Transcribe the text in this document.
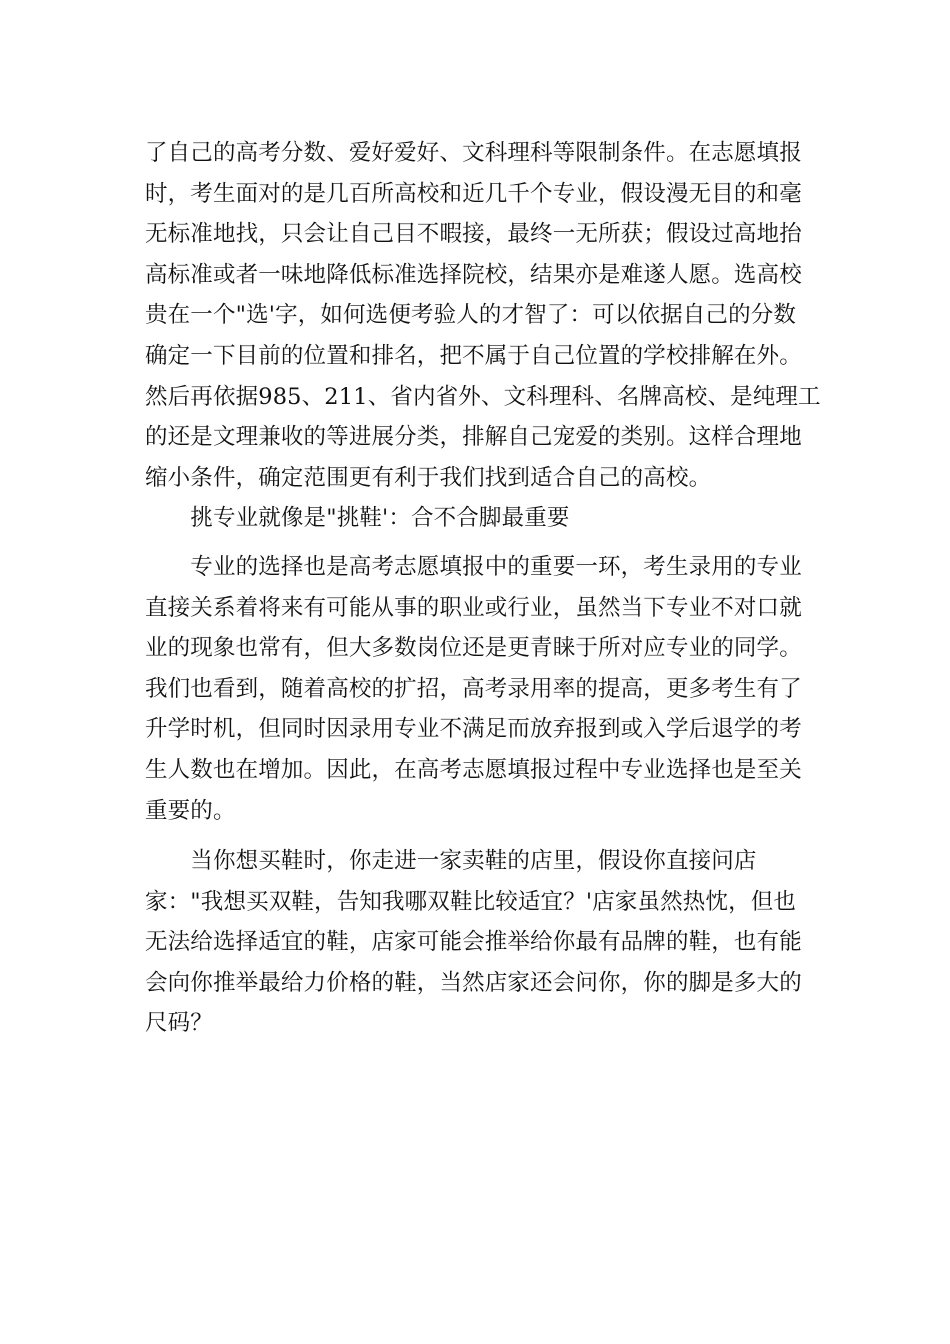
了自己的高考分数、爱好爱好、文科理科等限制条件。在志愿填报
时，考生面对的是几百所高校和近几千个专业，假设漫无目的和毫
无标准地找，只会让自己目不暇接，最终一无所获；假设过高地抬
高标准或者一味地降低标准选择院校，结果亦是难遂人愿。选高校
贵在一个"选'字，如何选便考验人的才智了：可以依据自己的分数
确定一下目前的位置和排名，把不属于自己位置的学校排解在外。
然后再依据985、211、省内省外、文科理科、名牌高校、是纯理工
的还是文理兼收的等进展分类，排解自己宠爱的类别。这样合理地
缩小条件，确定范围更有利于我们找到适合自己的高校。
　　挑专业就像是"挑鞋'：合不合脚最重要
　　专业的选择也是高考志愿填报中的重要一环，考生录用的专业
直接关系着将来有可能从事的职业或行业，虽然当下专业不对口就
业的现象也常有，但大多数岗位还是更青睐于所对应专业的同学。
我们也看到，随着高校的扩招，高考录用率的提高，更多考生有了
升学时机，但同时因录用专业不满足而放弃报到或入学后退学的考
生人数也在增加。因此，在高考志愿填报过程中专业选择也是至关
重要的。
　　当你想买鞋时，你走进一家卖鞋的店里，假设你直接问店
家："我想买双鞋，告知我哪双鞋比较适宜？'店家虽然热忱，但也
无法给选择适宜的鞋，店家可能会推举给你最有品牌的鞋，也有能
会向你推举最给力价格的鞋，当然店家还会问你，你的脚是多大的
尺码？
